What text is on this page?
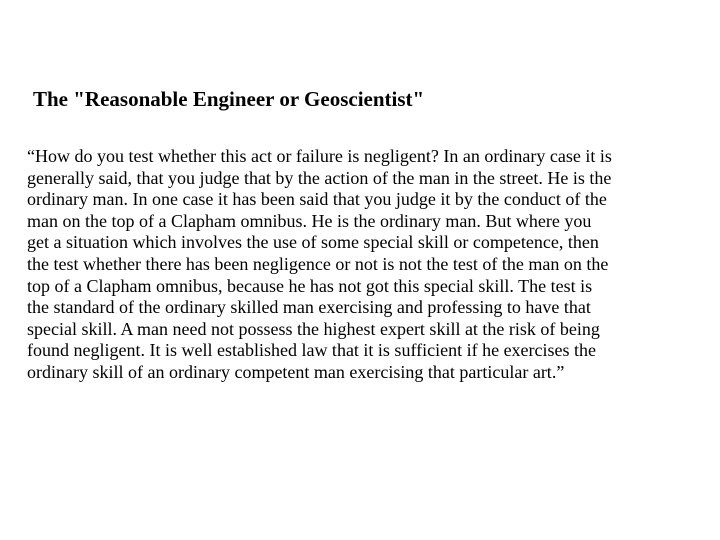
The "Reasonable Engineer or Geoscientist"
“How do you test whether this act or failure is negligent? In an ordinary case it is
generally said, that you judge that by the action of the man in the street. He is the
ordinary man. In one case it has been said that you judge it by the conduct of the
man on the top of a Clapham omnibus. He is the ordinary man. But where you
get a situation which involves the use of some special skill or competence, then
the test whether there has been negligence or not is not the test of the man on the
top of a Clapham omnibus, because he has not got this special skill. The test is
the standard of the ordinary skilled man exercising and professing to have that
special skill. A man need not possess the highest expert skill at the risk of being
found negligent. It is well established law that it is sufficient if he exercises the
ordinary skill of an ordinary competent man exercising that particular art.”
